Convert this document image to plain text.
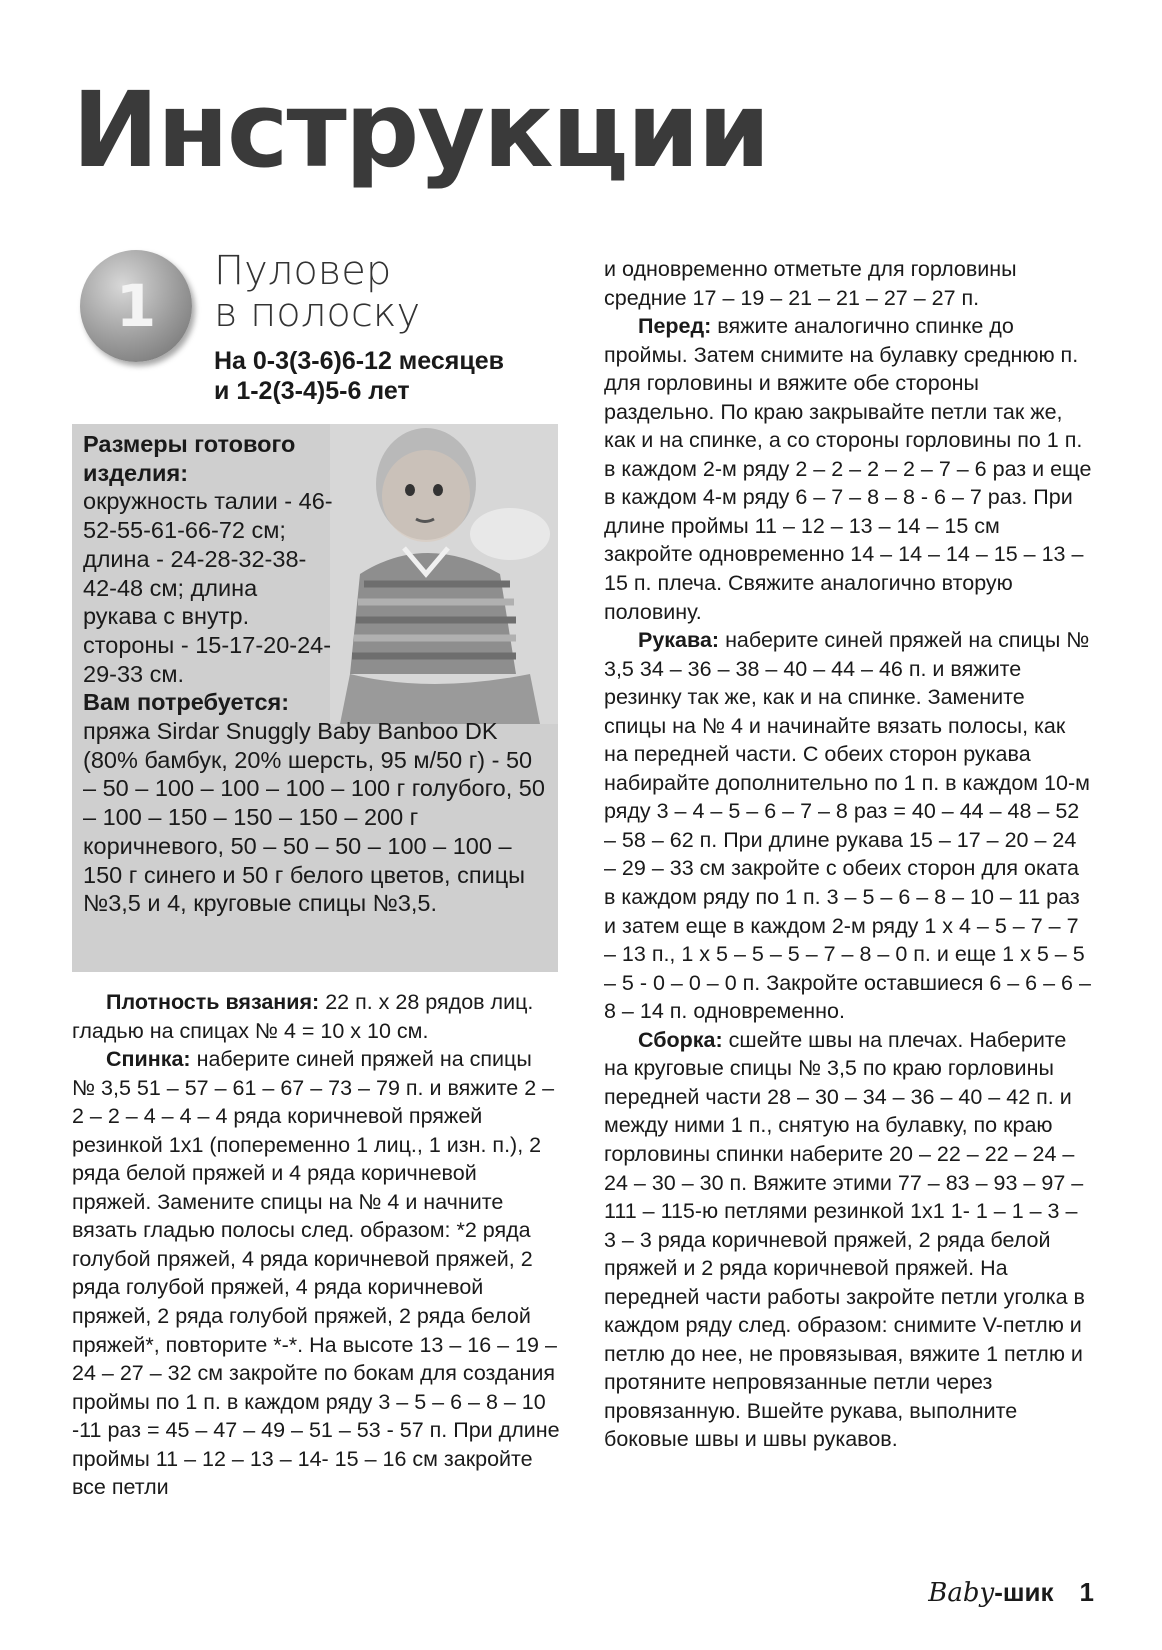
Инструкции
1
Пуловер
в полоску
На 0-3(3-6)6-12 месяцев
и 1-2(3-4)5-6 лет
Размеры готового изделия:
окружность талии - 46-52-55-61-66-72 см; длина - 24-28-32-38-42-48 см; длина рукава с внутр. стороны - 15-17-20-24-29-33 см.
Вам потребуется:
пряжа Sirdar Snuggly Baby Banboo DK (80% бамбук, 20% шерсть, 95 м/50 г) - 50 – 50 – 100 – 100 – 100 – 100 г голубого, 50 – 100 – 150 – 150 – 150 – 200 г коричневого, 50 – 50 – 50 – 100 – 100 – 150 г синего и 50 г белого цветов, спицы №3,5 и 4, круговые спицы №3,5.

Плотность вязания: 22 п. х 28 рядов лиц. гладью на спицах № 4 = 10 х 10 см.

Спинка: наберите синей пряжей на спицы № 3,5 51 – 57 – 61 – 67 – 73 – 79 п. и вяжите 2 – 2 – 2 – 4 – 4 – 4 ряда коричневой пряжей резинкой 1х1 (попеременно 1 лиц., 1 изн. п.), 2 ряда белой пряжей и 4 ряда коричневой пряжей. Замените спицы на № 4 и начните вязать гладью полосы след. образом: *2 ряда голубой пряжей, 4 ряда коричневой пряжей, 2 ряда голубой пряжей, 4 ряда коричневой пряжей, 2 ряда голубой пряжей, 2 ряда белой пряжей*, повторите *-*. На высоте 13 – 16 – 19 – 24 – 27 – 32 см закройте по бокам для создания проймы по 1 п. в каждом ряду 3 – 5 – 6 – 8 – 10 -11 раз = 45 – 47 – 49 – 51 – 53 - 57 п. При длине проймы 11 – 12 – 13 – 14- 15 – 16 см закройте все петли

и одновременно отметьте для горловины средние 17 – 19 – 21 – 21 – 27 – 27 п.

Перед: вяжите аналогично спинке до проймы. Затем снимите на булавку среднюю п. для горловины и вяжите обе стороны раздельно. По краю закрывайте петли так же, как и на спинке, а со стороны горловины по 1 п. в каждом 2-м ряду 2 – 2 – 2 – 2 – 7 – 6 раз и еще в каждом 4-м ряду 6 – 7 – 8 – 8 - 6 – 7 раз. При длине проймы 11 – 12 – 13 – 14 – 15 см закройте одновременно 14 – 14 – 14 – 15 – 13 – 15 п. плеча. Свяжите аналогично вторую половину.

Рукава: наберите синей пряжей на спицы № 3,5 34 – 36 – 38 – 40 – 44 – 46 п. и вяжите резинку так же, как и на спинке. Замените спицы на № 4 и начинайте вязать полосы, как на передней части. С обеих сторон рукава набирайте дополнительно по 1 п. в каждом 10-м ряду 3 – 4 – 5 – 6 – 7 – 8 раз = 40 – 44 – 48 – 52 – 58 – 62 п. При длине рукава 15 – 17 – 20 – 24 – 29 – 33 см закройте с обеих сторон для оката в каждом ряду по 1 п. 3 – 5 – 6 – 8 – 10 – 11 раз и затем еще в каждом 2-м ряду 1 х 4 – 5 – 7 – 7 – 13 п., 1 х 5 – 5 – 5 – 7 – 8 – 0 п. и еще 1 х 5 – 5 – 5 - 0 – 0 – 0 п. Закройте оставшиеся 6 – 6 – 6 – 8 – 14 п. одновременно.

Сборка: сшейте швы на плечах. Наберите на круговые спицы № 3,5 по краю горловины передней части 28 – 30 – 34 – 36 – 40 – 42 п. и между ними 1 п., снятую на булавку, по краю горловины спинки наберите 20 – 22 – 22 – 24 – 24 – 30 – 30 п. Вяжите этими 77 – 83 – 93 – 97 – 111 – 115-ю петлями резинкой 1х1 1- 1 – 1 – 3 – 3 – 3 ряда коричневой пряжей, 2 ряда белой пряжей и 2 ряда коричневой пряжей. На передней части работы закройте петли уголка в каждом ряду след. образом: снимите V-петлю и петлю до нее, не провязывая, вяжите 1 петлю и протяните непровязанные петли через провязанную. Вшейте рукава, выполните боковые швы и швы рукавов.

Baby-шик 1
